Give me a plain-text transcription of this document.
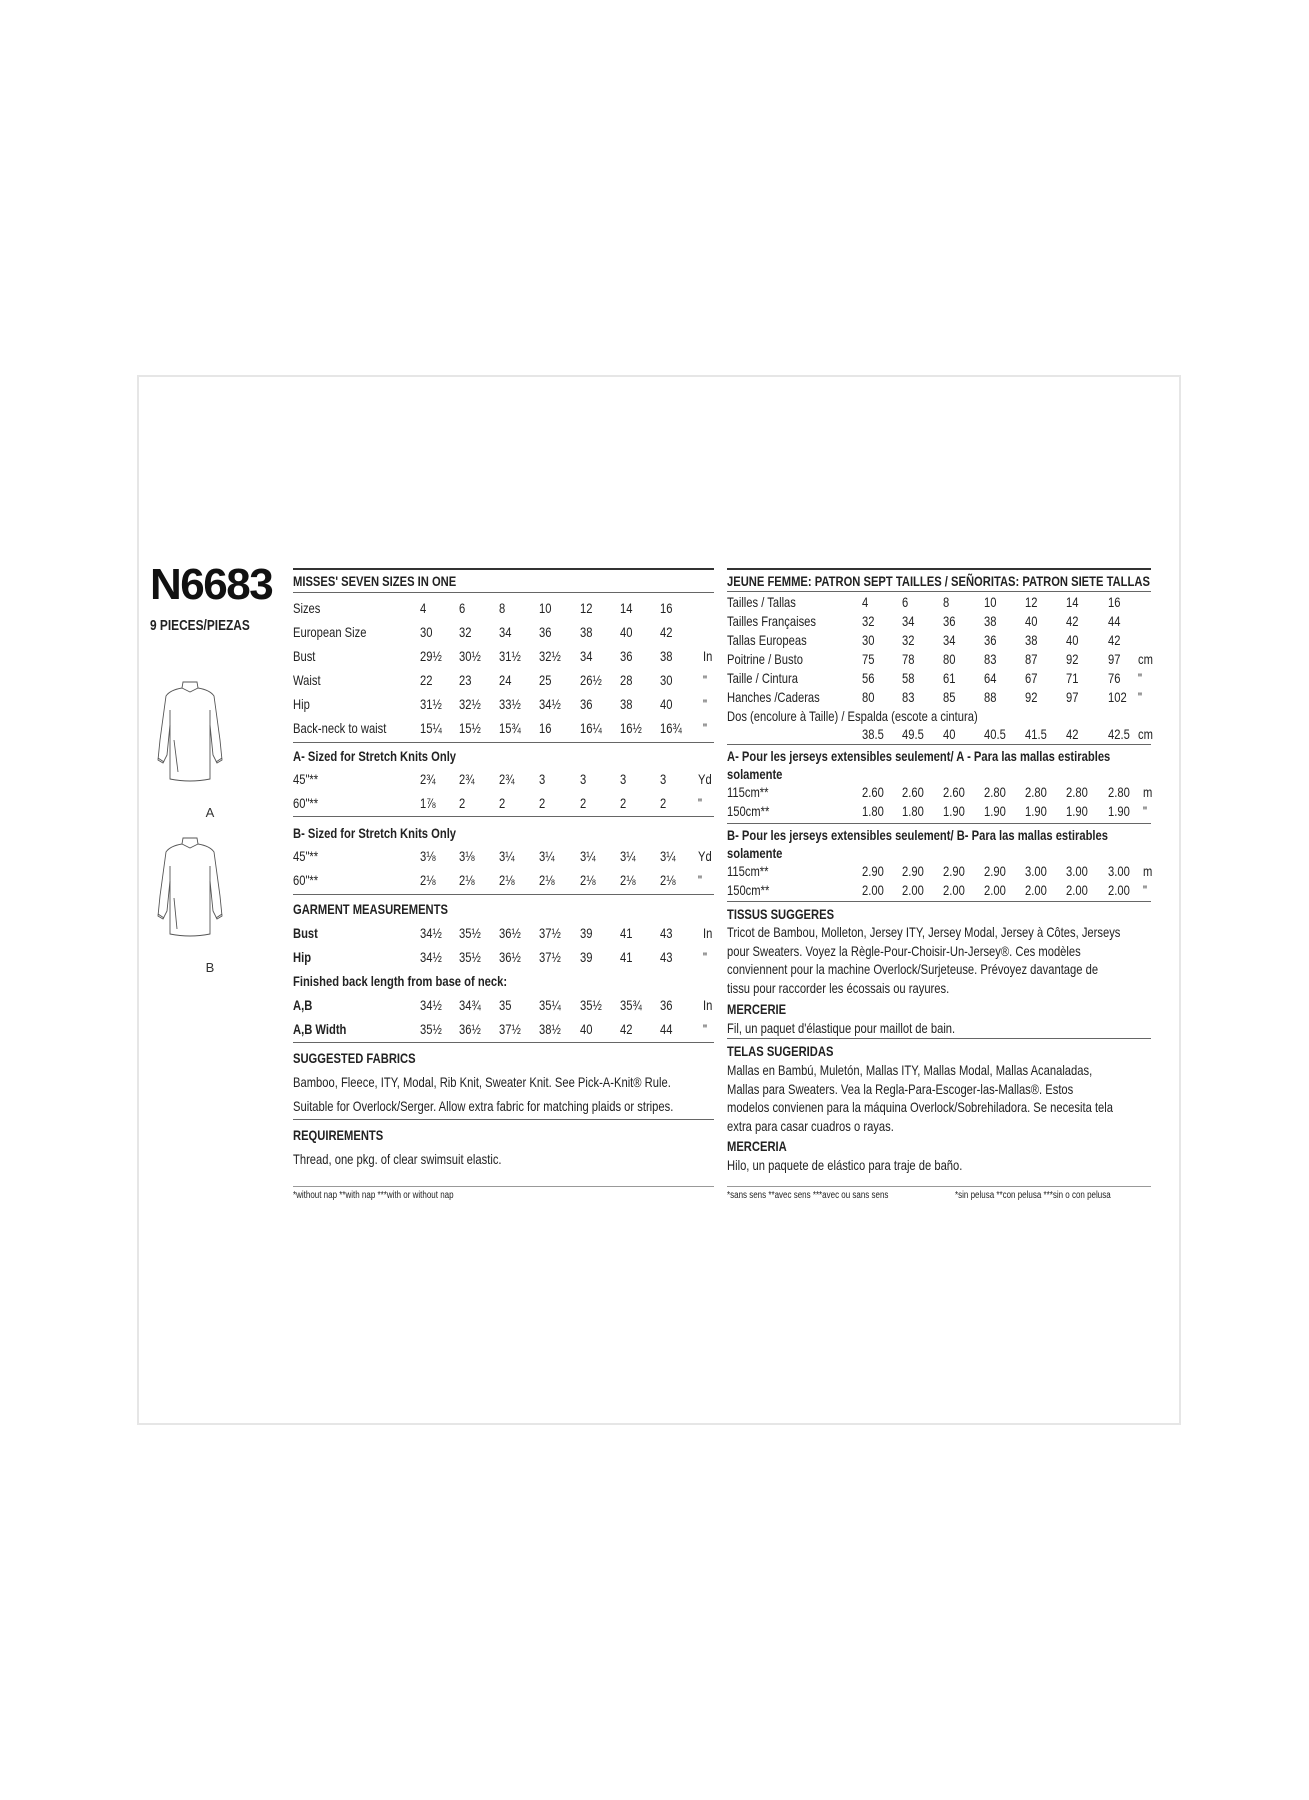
N6683
9 PIECES/PIEZAS
A
B
MISSES' SEVEN SIZES IN ONE
Sizes	4 6 8 10 12 14 16
European Size	30 32 34 36 38 40 42
Bust	29½	30½	31½	32½	34 36 38 In
Waist	22 23 24 25 26½	28 30 "
Hip	31½	32½	33½	34½	36 38 40 "
Back-neck to waist	15¼	15½	15¾	16 16¼	16½	16¾	"
A- Sized for Stretch Knits Only
45"**	2¾ 2¾ 2¾ 3 3 3 3 Yd
60"**	1⅞ 2 2 2 2 2 2 "
B- Sized for Stretch Knits Only
45"**	3⅛ 3⅛ 3¼ 3¼ 3¼ 3¼ 3¼ Yd
60"**	2⅛ 2⅛ 2⅛ 2⅛ 2⅛ 2⅛ 2⅛ "
GARMENT MEASUREMENTS
Bust	34½	35½	36½	37½	39 41 43 In
Hip	34½	35½	36½	37½	39 41 43 "
Finished back length from base of neck:
A,B	34½	34¾	35 35¼	35½	35¾	36 In
A,B Width	35½	36½	37½	38½	40 42 44 "
SUGGESTED FABRICS
Bamboo, Fleece, ITY, Modal, Rib Knit, Sweater Knit. See Pick-A-Knit® Rule.
Suitable for Overlock/Serger. Allow extra fabric for matching plaids or stripes.
REQUIREMENTS
Thread, one pkg. of clear swimsuit elastic.
*without nap **with nap ***with or without nap
JEUNE FEMME: PATRON SEPT TAILLES / SEÑORITAS: PATRON SIETE TALLAS
Tailles / Tallas	4 6 8 10 12 14 16
Tailles Françaises	32 34 36 38 40 42 44
Tallas Europeas	30 32 34 36 38 40 42
Poitrine / Busto	75 78 80 83 87 92 97 cm
Taille / Cintura	56 58 61 64 67 71 76 "
Hanches /Caderas	80 83 85 88 92 97 102 "
Dos (encolure à Taille) / Espalda (escote a cintura)
38.5	49.5	40 40.5	41.5	42 42.5 cm
A- Pour les jerseys extensibles seulement/ A - Para las mallas estirables
solamente
115cm**	2.60	2.60	2.60	2.80	2.80	2.80	2.80 m
150cm**	1.80	1.80	1.90	1.90	1.90	1.90	1.90 "
B- Pour les jerseys extensibles seulement/ B- Para las mallas estirables
solamente
115cm**	2.90	2.90	2.90	2.90	3.00	3.00	3.00 m
150cm**	2.00	2.00	2.00	2.00	2.00	2.00	2.00 "
TISSUS SUGGERES
Tricot de Bambou, Molleton, Jersey ITY, Jersey Modal, Jersey à Côtes, Jerseys
pour Sweaters. Voyez la Règle-Pour-Choisir-Un-Jersey®. Ces modèles
conviennent pour la machine Overlock/Surjeteuse. Prévoyez davantage de
tissu pour raccorder les écossais ou rayures.
MERCERIE
Fil, un paquet d'élastique pour maillot de bain.
TELAS SUGERIDAS
Mallas en Bambú, Muletón, Mallas ITY, Mallas Modal, Mallas Acanaladas,
Mallas para Sweaters. Vea la Regla-Para-Escoger-las-Mallas®. Estos
modelos convienen para la máquina Overlock/Sobrehiladora. Se necesita tela
extra para casar cuadros o rayas.
MERCERIA
Hilo, un paquete de elástico para traje de baño.
*sans sens **avec sens ***avec ou sans sens	*sin pelusa **con pelusa ***sin o con pelusa
